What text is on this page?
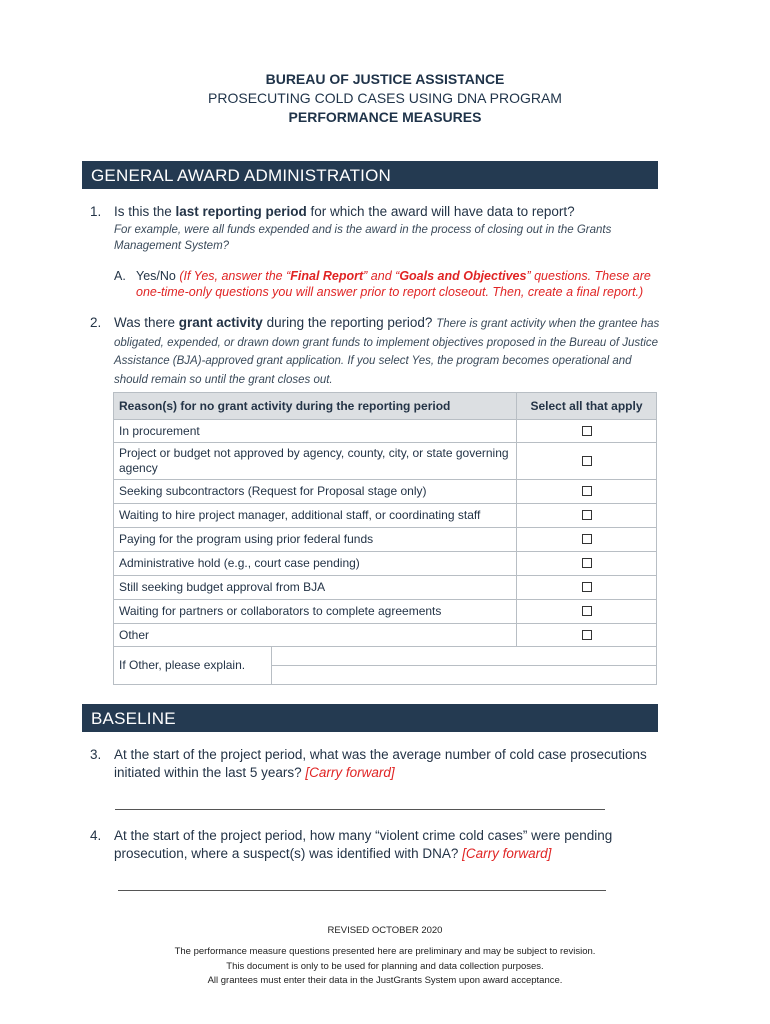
BUREAU OF JUSTICE ASSISTANCE
PROSECUTING COLD CASES USING DNA PROGRAM
PERFORMANCE MEASURES
GENERAL AWARD ADMINISTRATION
1. Is this the last reporting period for which the award will have data to report?
For example, were all funds expended and is the award in the process of closing out in the Grants Management System?
A. Yes/No (If Yes, answer the “Final Report” and “Goals and Objectives” questions. These are one-time-only questions you will answer prior to report closeout. Then, create a final report.)
2. Was there grant activity during the reporting period? There is grant activity when the grantee has obligated, expended, or drawn down grant funds to implement objectives proposed in the Bureau of Justice Assistance (BJA)-approved grant application. If you select Yes, the program becomes operational and should remain so until the grant closes out.
Reason(s) for no grant activity during the reporting period		Select all that apply
In procurement		
Project or budget not approved by agency, county, city, or state governing agency		
Seeking subcontractors (Request for Proposal stage only)		
Waiting to hire project manager, additional staff, or coordinating staff		
Paying for the program using prior federal funds		
Administrative hold (e.g., court case pending)		
Still seeking budget approval from BJA		
Waiting for partners or collaborators to complete agreements		
Other		
If Other, please explain.		

BASELINE
3. At the start of the project period, what was the average number of cold case prosecutions initiated within the last 5 years? [Carry forward]
4. At the start of the project period, how many “violent crime cold cases” were pending prosecution, where a suspect(s) was identified with DNA? [Carry forward]
REVISED OCTOBER 2020
The performance measure questions presented here are preliminary and may be subject to revision.
This document is only to be used for planning and data collection purposes.
All grantees must enter their data in the JustGrants System upon award acceptance.
